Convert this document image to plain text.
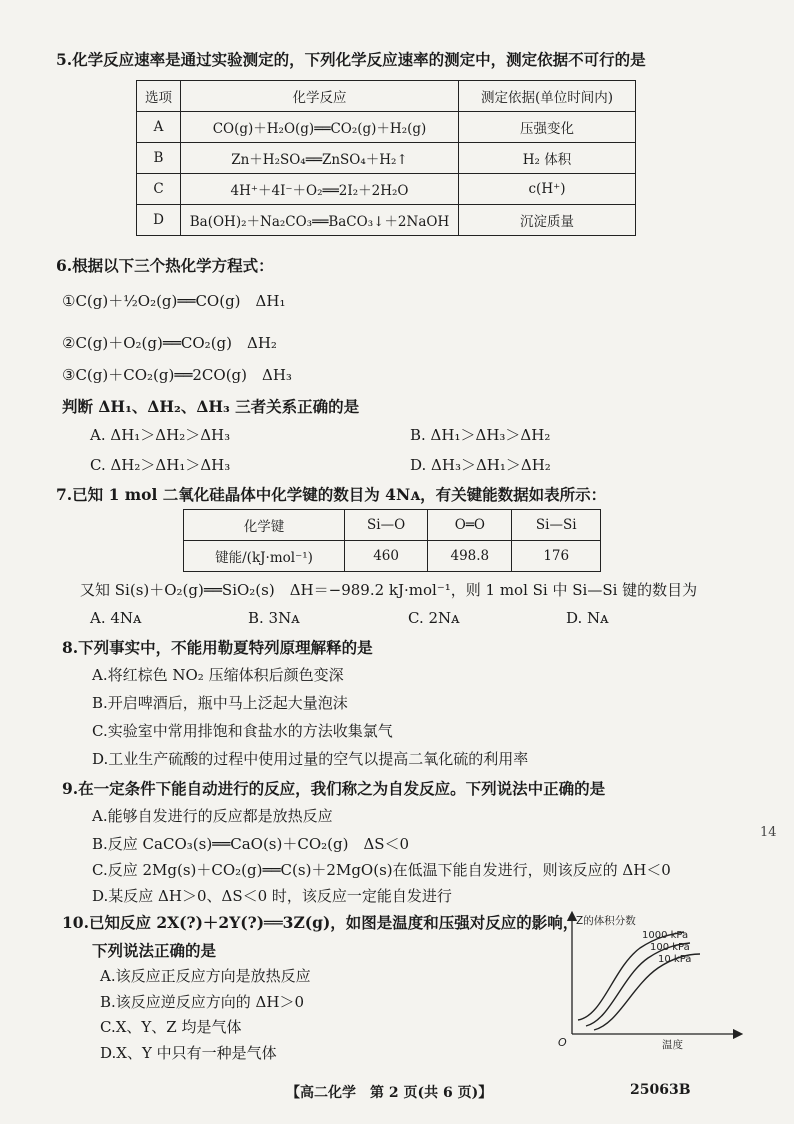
5.化学反应速率是通过实验测定的，下列化学反应速率的测定中，测定依据不可行的是
选项	化学反应	测定依据(单位时间内)
A	CO(g)＋H₂O(g)══CO₂(g)＋H₂(g)	压强变化
B	Zn＋H₂SO₄══ZnSO₄＋H₂↑	H₂ 体积
C	4H⁺＋4I⁻＋O₂══2I₂＋2H₂O	c(H⁺)
D	Ba(OH)₂＋Na₂CO₃══BaCO₃↓＋2NaOH	沉淀质量
6.根据以下三个热化学方程式：
①C(g)＋½O₂(g)══CO(g)　ΔH₁
②C(g)＋O₂(g)══CO₂(g)　ΔH₂
③C(g)＋CO₂(g)══2CO(g)　ΔH₃
判断 ΔH₁、ΔH₂、ΔH₃ 三者关系正确的是
A. ΔH₁＞ΔH₂＞ΔH₃	B. ΔH₁＞ΔH₃＞ΔH₂
C. ΔH₂＞ΔH₁＞ΔH₃	D. ΔH₃＞ΔH₁＞ΔH₂
7.已知 1 mol 二氧化硅晶体中化学键的数目为 4Nᴀ，有关键能数据如表所示：
化学键	Si—O	O═O	Si—Si
键能/(kJ·mol⁻¹)	460	498.8	176
又知 Si(s)＋O₂(g)══SiO₂(s)　ΔH＝−989.2 kJ·mol⁻¹，则 1 mol Si 中 Si—Si 键的数目为
A. 4Nᴀ	B. 3Nᴀ	C. 2Nᴀ	D. Nᴀ
8.下列事实中，不能用勒夏特列原理解释的是
A.将红棕色 NO₂ 压缩体积后颜色变深
B.开启啤酒后，瓶中马上泛起大量泡沫
C.实验室中常用排饱和食盐水的方法收集氯气
D.工业生产硫酸的过程中使用过量的空气以提高二氧化硫的利用率
9.在一定条件下能自动进行的反应，我们称之为自发反应。下列说法中正确的是
A.能够自发进行的反应都是放热反应
B.反应 CaCO₃(s)══CaO(s)＋CO₂(g)　ΔS＜0
C.反应 2Mg(s)＋CO₂(g)══C(s)＋2MgO(s)在低温下能自发进行，则该反应的 ΔH＜0
D.某反应 ΔH＞0、ΔS＜0 时，该反应一定能自发进行
14
10.已知反应 2X(?)＋2Y(?)══3Z(g)，如图是温度和压强对反应的影响，
下列说法正确的是
A.该反应正反应方向是放热反应
B.该反应逆反应方向的 ΔH＞0
C.X、Y、Z 均是气体
D.X、Y 中只有一种是气体
Z的体积分数
温度
O
1000 kPa
100 kPa
10 kPa
【高二化学　第 2 页(共 6 页)】	25063B
